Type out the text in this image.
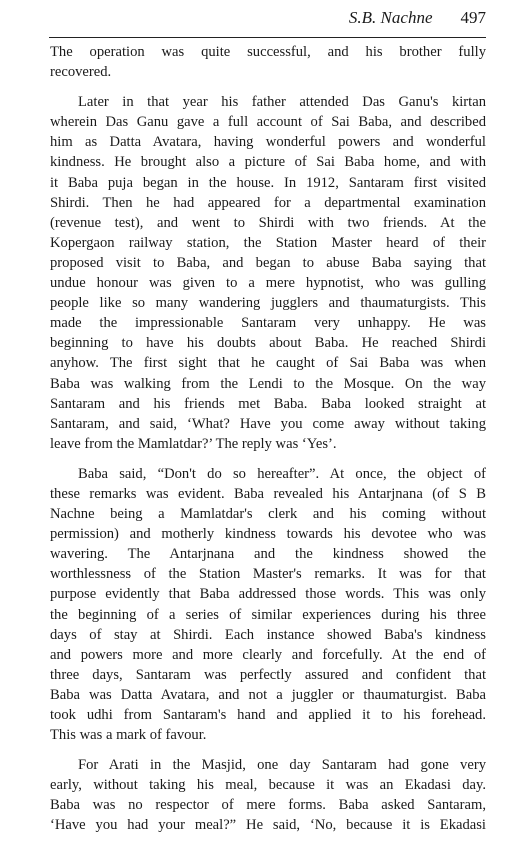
S.B. Nachne 497

The operation was quite successful, and his brother fully
recovered.

Later in that year his father attended Das Ganu's kirtan
wherein Das Ganu gave a full account of Sai Baba, and described
him as Datta Avatara, having wonderful powers and wonderful
kindness. He brought also a picture of Sai Baba home, and with
it Baba puja began in the house. In 1912, Santaram first visited
Shirdi. Then he had appeared for a departmental examination
(revenue test), and went to Shirdi with two friends. At the
Kopergaon railway station, the Station Master heard of their
proposed visit to Baba, and began to abuse Baba saying that
undue honour was given to a mere hypnotist, who was gulling
people like so many wandering jugglers and thaumaturgists. This
made the impressionable Santaram very unhappy. He was
beginning to have his doubts about Baba. He reached Shirdi
anyhow. The first sight that he caught of Sai Baba was when
Baba was walking from the Lendi to the Mosque. On the way
Santaram and his friends met Baba. Baba looked straight at
Santaram, and said, ‘What? Have you come away without taking
leave from the Mamlatdar?’ The reply was ‘Yes’.

Baba said, “Don't do so hereafter”. At once, the object of
these remarks was evident. Baba revealed his Antarjnana (of S B
Nachne being a Mamlatdar's clerk and his coming without
permission) and motherly kindness towards his devotee who was
wavering. The Antarjnana and the kindness showed the
worthlessness of the Station Master's remarks. It was for that
purpose evidently that Baba addressed those words. This was only
the beginning of a series of similar experiences during his three
days of stay at Shirdi. Each instance showed Baba's kindness
and powers more and more clearly and forcefully. At the end of
three days, Santaram was perfectly assured and confident that
Baba was Datta Avatara, and not a juggler or thaumaturgist. Baba
took udhi from Santaram's hand and applied it to his forehead.
This was a mark of favour.

For Arati in the Masjid, one day Santaram had gone very
early, without taking his meal, because it was an Ekadasi day.
Baba was no respector of mere forms. Baba asked Santaram,
‘Have you had your meal?” He said, ‘No, because it is Ekadasi
